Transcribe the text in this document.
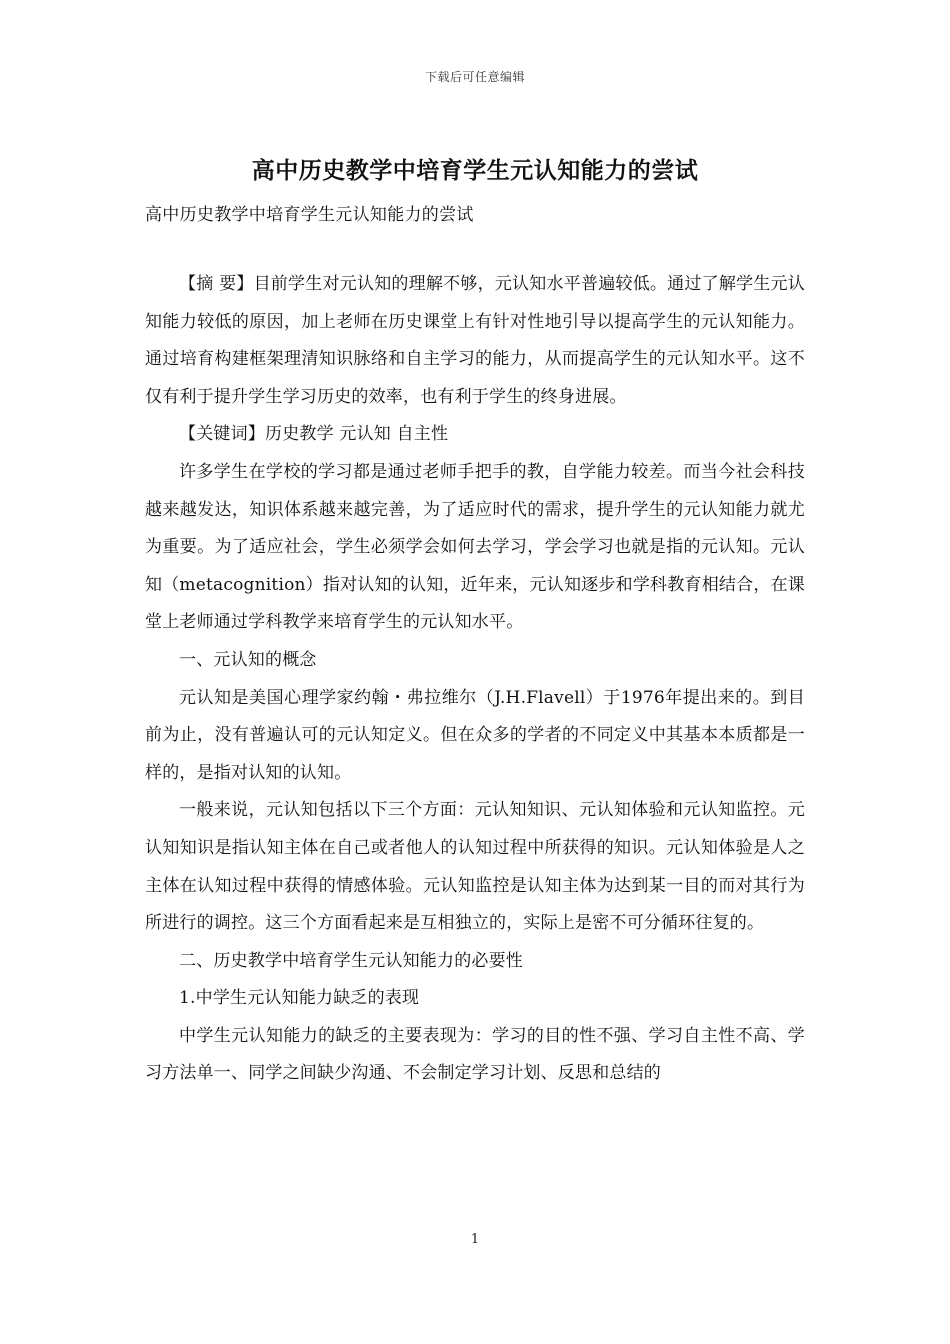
下载后可任意编辑
高中历史教学中培育学生元认知能力的尝试
高中历史教学中培育学生元认知能力的尝试

【摘 要】目前学生对元认知的理解不够，元认知水平普遍较低。通过了解学生元认知能力较低的原因，加上老师在历史课堂上有针对性地引导以提高学生的元认知能力。通过培育构建框架理清知识脉络和自主学习的能力，从而提高学生的元认知水平。这不仅有利于提升学生学习历史的效率，也有利于学生的终身进展。

【关键词】历史教学 元认知 自主性

许多学生在学校的学习都是通过老师手把手的教，自学能力较差。而当今社会科技越来越发达，知识体系越来越完善，为了适应时代的需求，提升学生的元认知能力就尤为重要。为了适应社会，学生必须学会如何去学习，学会学习也就是指的元认知。元认知（metacognition）指对认知的认知，近年来，元认知逐步和学科教育相结合，在课堂上老师通过学科教学来培育学生的元认知水平。

一、元认知的概念

元认知是美国心理学家约翰・弗拉维尔（J.H.Flavell）于1976年提出来的。到目前为止，没有普遍认可的元认知定义。但在众多的学者的不同定义中其基本本质都是一样的，是指对认知的认知。

一般来说，元认知包括以下三个方面：元认知知识、元认知体验和元认知监控。元认知知识是指认知主体在自己或者他人的认知过程中所获得的知识。元认知体验是人之主体在认知过程中获得的情感体验。元认知监控是认知主体为达到某一目的而对其行为所进行的调控。这三个方面看起来是互相独立的，实际上是密不可分循环往复的。

二、历史教学中培育学生元认知能力的必要性

1.中学生元认知能力缺乏的表现

中学生元认知能力的缺乏的主要表现为：学习的目的性不强、学习自主性不高、学习方法单一、同学之间缺少沟通、不会制定学习计划、反思和总结的

1
